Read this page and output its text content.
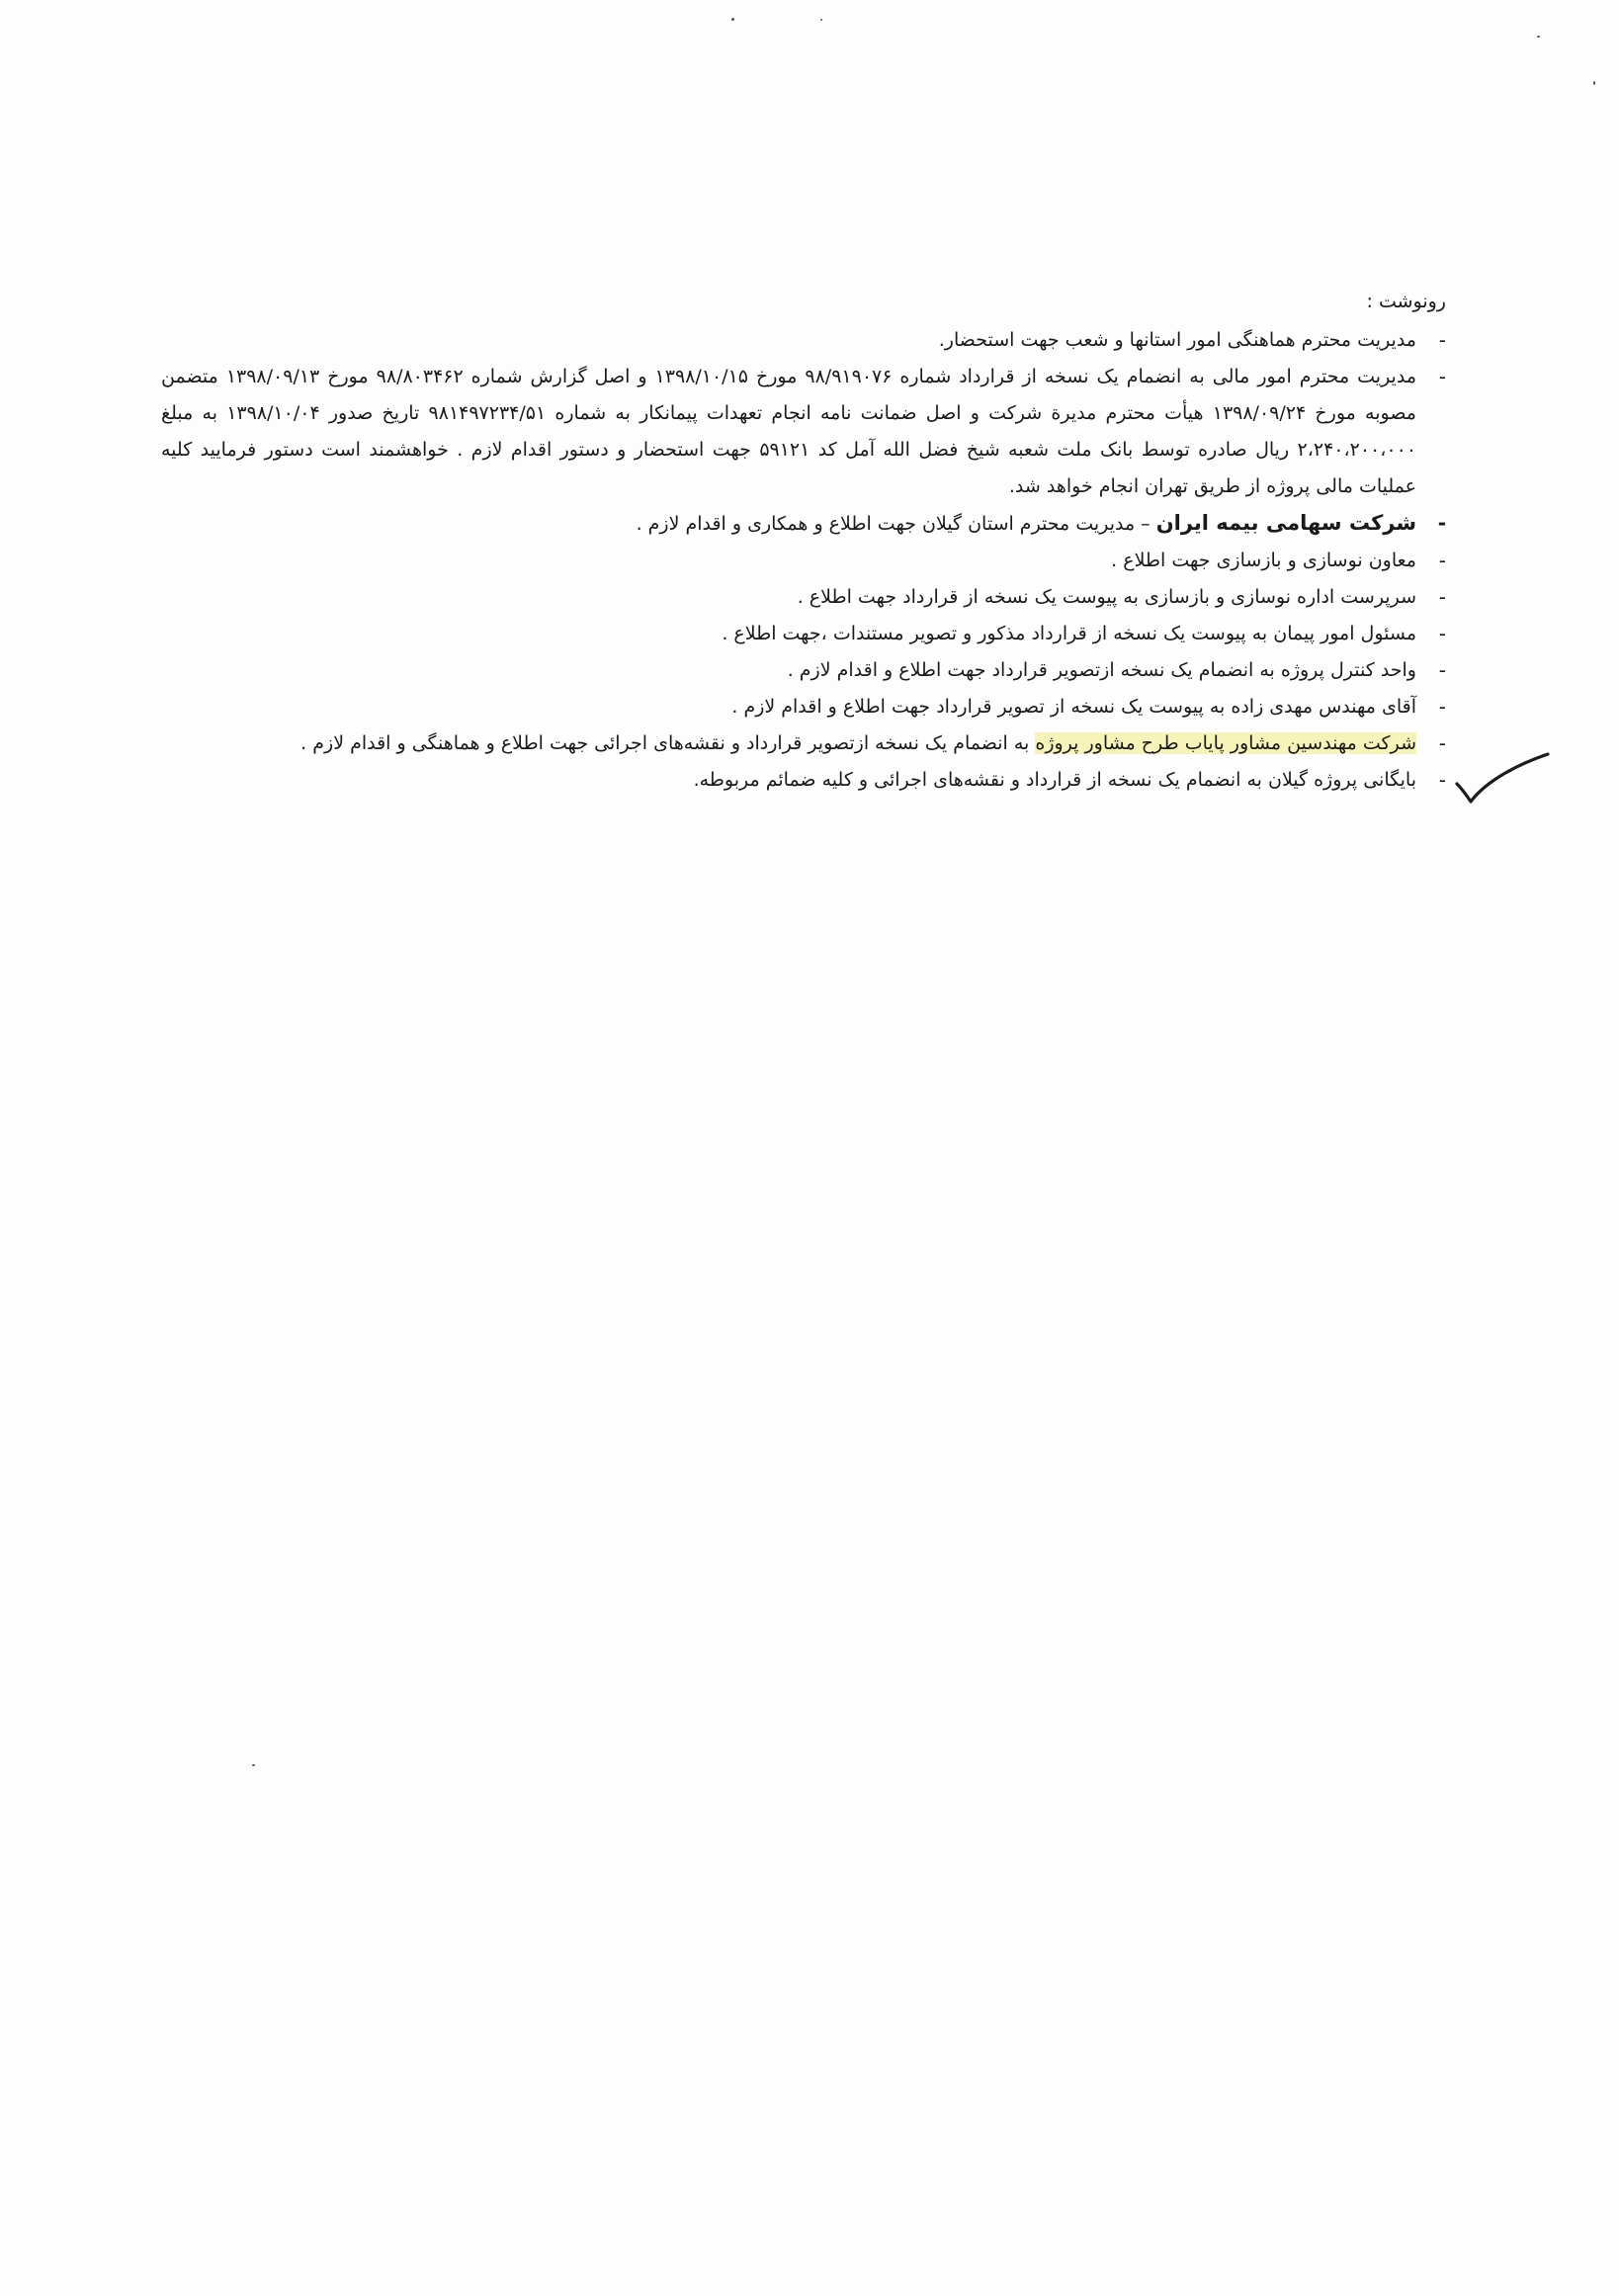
رونوشت :

-
مدیریت محترم هماهنگی امور استانها و شعب جهت استحضار.
-
مدیریت محترم امور مالی به انضمام یک نسخه از قرارداد شماره ۹۸/۹۱۹۰۷۶ مورخ ۱۳۹۸/۱۰/۱۵ و اصل گزارش شماره ۹۸/۸۰۳۴۶۲ مورخ ۱۳۹۸/۰۹/۱۳ متضمن مصوبه مورخ ۱۳۹۸/۰۹/۲۴ هیأت محترم مدیرة شرکت و اصل ضمانت نامه انجام تعهدات پیمانکار به شماره ۹۸۱۴۹۷۲۳۴/۵۱ تاریخ صدور ۱۳۹۸/۱۰/۰۴ به مبلغ ۲،۲۴۰،۲۰۰،۰۰۰ ریال صادره توسط بانک ملت شعبه شیخ فضل الله آمل کد ۵۹۱۲۱ جهت استحضار و دستور اقدام لازم . خواهشمند است دستور فرمایید کلیه عملیات مالی پروژه از طریق تهران انجام خواهد شد.
-
شرکت سهامی بیمه ایران – مدیریت محترم استان گیلان جهت اطلاع و همکاری و اقدام لازم .
-
معاون نوسازی و بازسازی جهت اطلاع .
-
سرپرست اداره نوسازی و بازسازی به پیوست یک نسخه از قرارداد جهت اطلاع .
-
مسئول امور پیمان به پیوست یک نسخه از قرارداد مذکور و تصویر مستندات ،جهت اطلاع .
-
واحد کنترل پروژه به انضمام یک نسخه ازتصویر قرارداد جهت اطلاع و اقدام لازم .
-
آقای مهندس مهدی زاده به پیوست یک نسخه از تصویر قرارداد جهت اطلاع و اقدام لازم .
-
شرکت مهندسین مشاور پایاب طرح مشاور پروژه به انضمام یک نسخه ازتصویر قرارداد و نقشه‌های اجرائی جهت اطلاع و هماهنگی و اقدام لازم .
-
بایگانی پروژه گیلان به انضمام یک نسخه از قرارداد و نقشه‌های اجرائی و کلیه ضمائم مربوطه.
